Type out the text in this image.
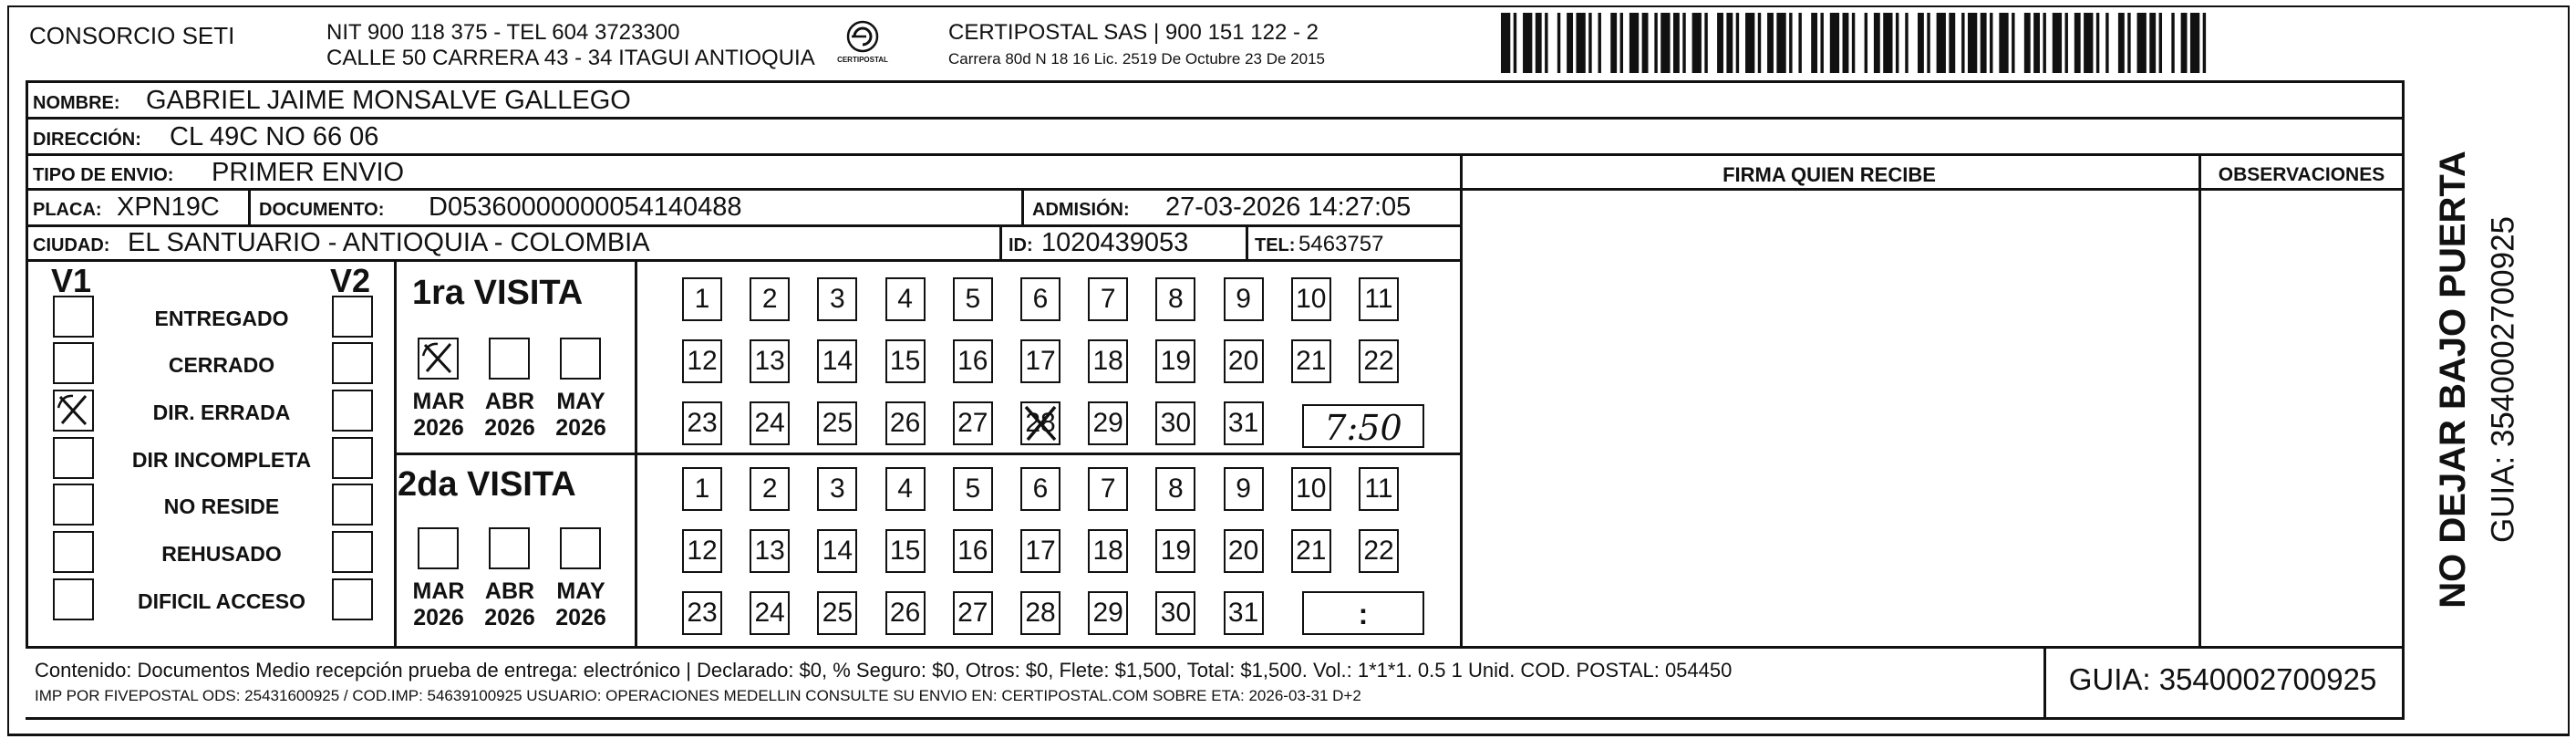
CONSORCIO SETI	NIT 900 118 375 - TEL 604 3723300
CALLE 50 CARRERA 43 - 34 ITAGUI ANTIOQUIA	CERTIPOSTAL
CERTIPOSTAL SAS | 900 151 122 - 2
Carrera 80d N 18 16 Lic. 2519 De Octubre 23 De 2015
NOMBRE: GABRIEL JAIME MONSALVE GALLEGO
DIRECCIÓN: CL 49C NO 66 06
TIPO DE ENVIO: PRIMER ENVIO	FIRMA QUIEN RECIBE	OBSERVACIONES
PLACA: XPN19C DOCUMENTO: D05360000000054140488	ADMISIÓN: 27-03-2026 14:27:05
CIUDAD: EL SANTUARIO - ANTIOQUIA - COLOMBIA	ID: 1020439053	TEL: 5463757
V1	V2
ENTREGADO
CERRADO
DIR. ERRADA
DIR INCOMPLETA
NO RESIDE
REHUSADO
DIFICIL ACCESO
1ra VISITA
2da VISITA
MAR
2026
ABR
2026
MAY
2026
MAR
2026
ABR
2026
MAY
2026
1	2	3	4	5	6	7	8	9	10 11
12 13 14 15 16 17 18 19 20 21 22
23 24 25 26 27 28 29 30 31
1	2	3	4	5	6	7	8	9	10 11
12 13 14 15 16 17 18 19 20 21 22
23 24 25 26 27 28 29 30 31
7:50
:
Contenido: Documentos Medio recepción prueba de entrega: electrónico | Declarado: $0, % Seguro: $0, Otros: $0, Flete: $1,500, Total: $1,500. Vol.: 1*1*1. 0.5 1 Unid. COD. POSTAL: 054450
IMP POR FIVEPOSTAL ODS: 25431600925 / COD.IMP: 54639100925 USUARIO: OPERACIONES MEDELLIN CONSULTE SU ENVIO EN: CERTIPOSTAL.COM SOBRE ETA: 2026-03-31 D+2	GUIA: 3540002700925
NO DEJAR BAJO PUERTA GUIA: 3540002700925
